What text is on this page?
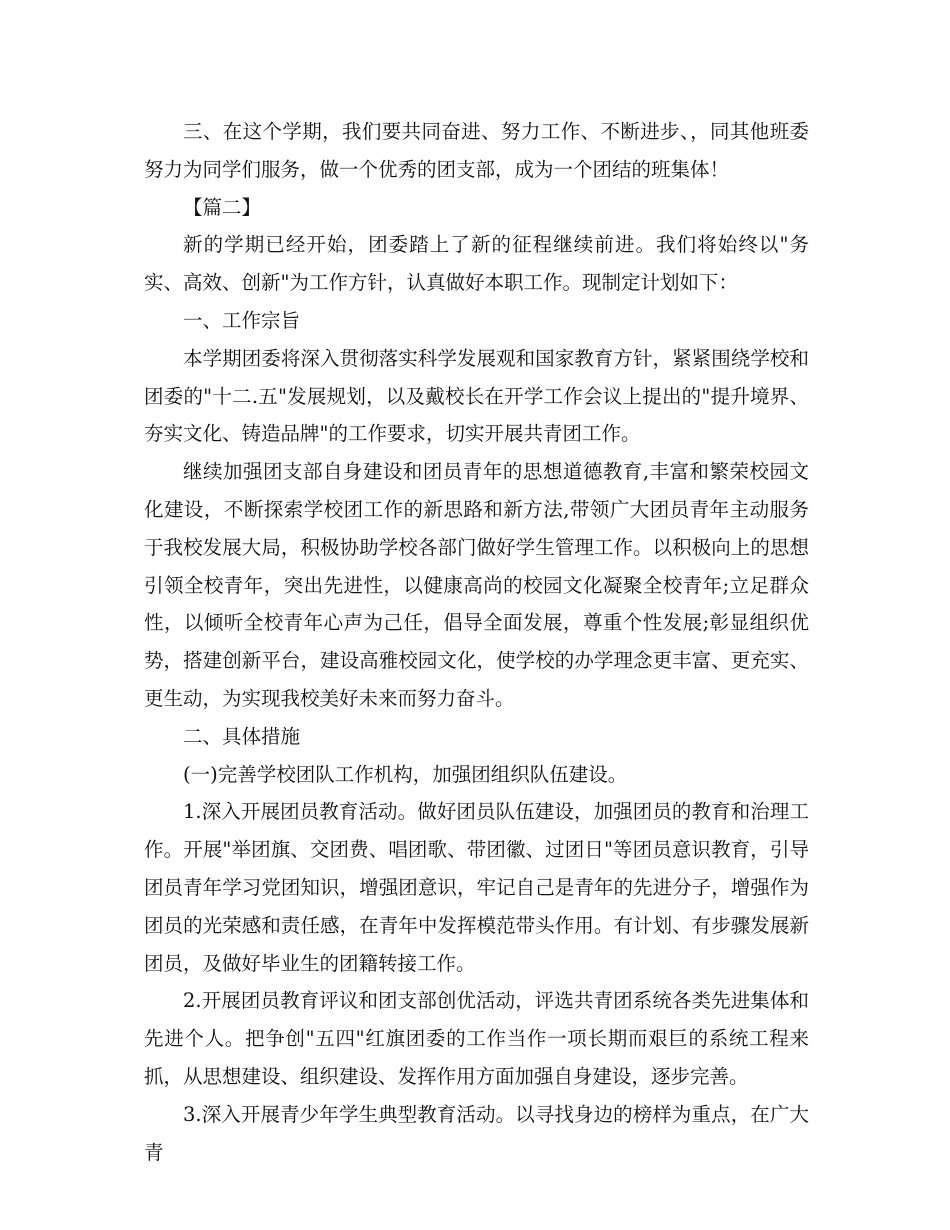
三、在这个学期，我们要共同奋进、努力工作、不断进步、，同其他班委努力为同学们服务，做一个优秀的团支部，成为一个团结的班集体！

【篇二】

新的学期已经开始，团委踏上了新的征程继续前进。我们将始终以"务实、高效、创新"为工作方针，认真做好本职工作。现制定计划如下：

一、工作宗旨

本学期团委将深入贯彻落实科学发展观和国家教育方针，紧紧围绕学校和团委的"十二.五"发展规划，以及戴校长在开学工作会议上提出的"提升境界、夯实文化、铸造品牌"的工作要求，切实开展共青团工作。

继续加强团支部自身建设和团员青年的思想道德教育,丰富和繁荣校园文化建设，不断探索学校团工作的新思路和新方法,带领广大团员青年主动服务于我校发展大局，积极协助学校各部门做好学生管理工作。以积极向上的思想引领全校青年，突出先进性，以健康高尚的校园文化凝聚全校青年;立足群众性，以倾听全校青年心声为己任，倡导全面发展，尊重个性发展;彰显组织优势，搭建创新平台，建设高雅校园文化，使学校的办学理念更丰富、更充实、更生动，为实现我校美好未来而努力奋斗。

二、具体措施

(一)完善学校团队工作机构，加强团组织队伍建设。

1.深入开展团员教育活动。做好团员队伍建设，加强团员的教育和治理工作。开展"举团旗、交团费、唱团歌、带团徽、过团日"等团员意识教育，引导团员青年学习党团知识，增强团意识，牢记自己是青年的先进分子，增强作为团员的光荣感和责任感，在青年中发挥模范带头作用。有计划、有步骤发展新团员，及做好毕业生的团籍转接工作。

2.开展团员教育评议和团支部创优活动，评选共青团系统各类先进集体和先进个人。把争创"五四"红旗团委的工作当作一项长期而艰巨的系统工程来抓，从思想建设、组织建设、发挥作用方面加强自身建设，逐步完善。

3.深入开展青少年学生典型教育活动。以寻找身边的榜样为重点，在广大青
